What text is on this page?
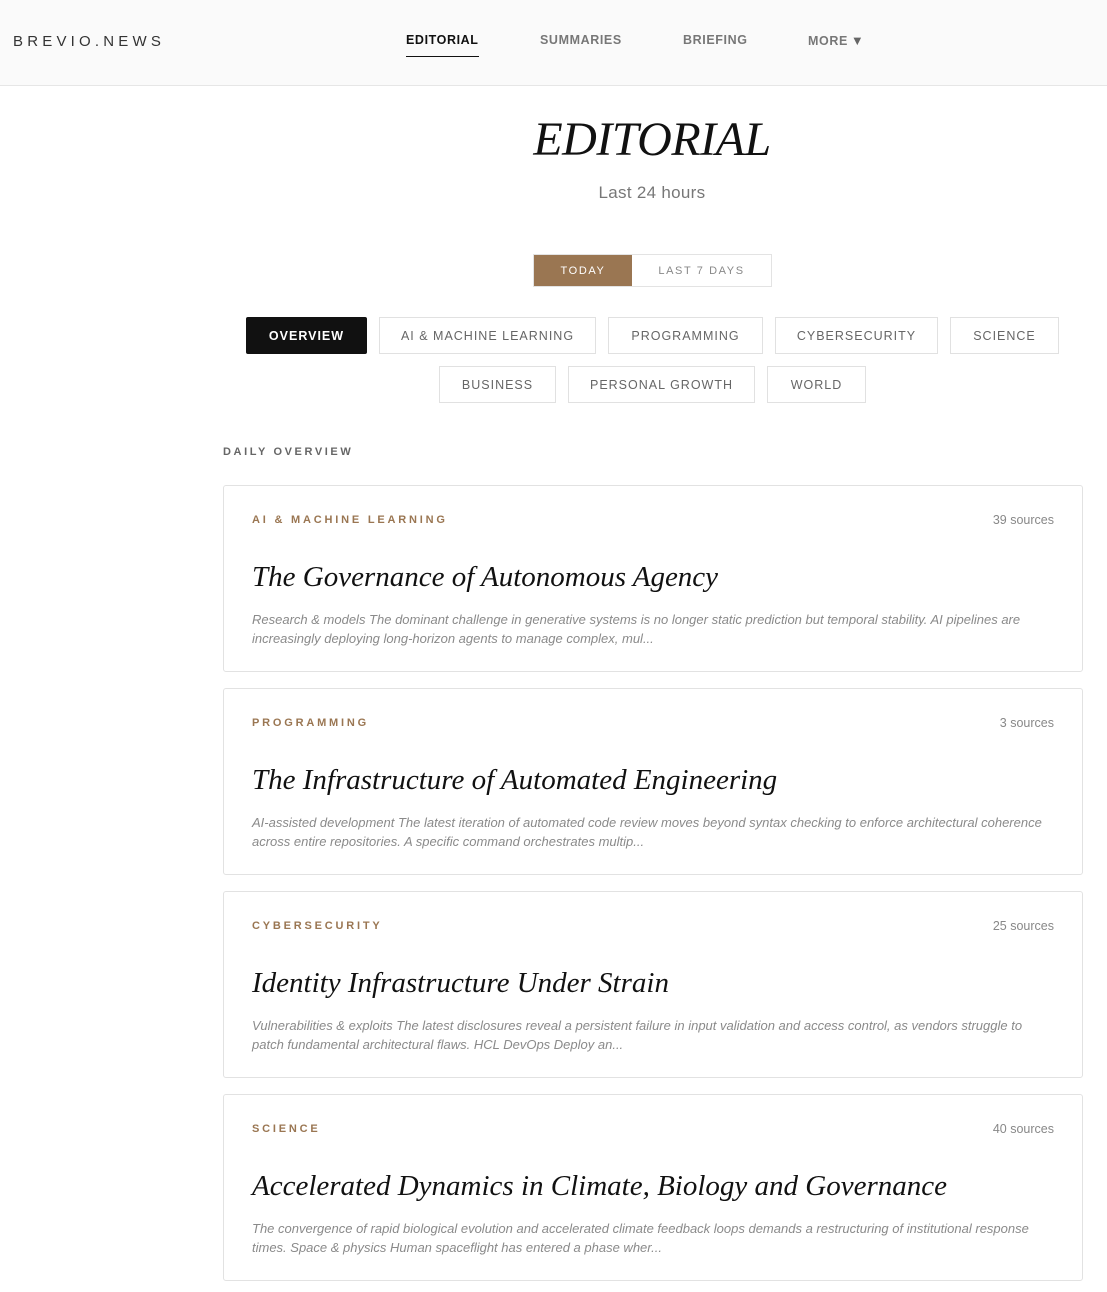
BREVIO.NEWS	EDITORIAL	SUMMARIES	BRIEFING	MORE ▼
EDITORIAL
Last 24 hours
TODAY	LAST 7 DAYS
OVERVIEW	AI & MACHINE LEARNING	PROGRAMMING	CYBERSECURITY	SCIENCE
BUSINESS	PERSONAL GROWTH	WORLD
DAILY OVERVIEW
AI & MACHINE LEARNING	39 sources
The Governance of Autonomous Agency
Research & models The dominant challenge in generative systems is no longer static prediction but temporal stability. AI pipelines are increasingly deploying long-horizon agents to manage complex, mul...
PROGRAMMING	3 sources
The Infrastructure of Automated Engineering
AI-assisted development The latest iteration of automated code review moves beyond syntax checking to enforce architectural coherence across entire repositories. A specific command orchestrates multip...
CYBERSECURITY	25 sources
Identity Infrastructure Under Strain
Vulnerabilities & exploits The latest disclosures reveal a persistent failure in input validation and access control, as vendors struggle to patch fundamental architectural flaws. HCL DevOps Deploy an...
SCIENCE	40 sources
Accelerated Dynamics in Climate, Biology and Governance
The convergence of rapid biological evolution and accelerated climate feedback loops demands a restructuring of institutional response times. Space & physics Human spaceflight has entered a phase wher...
